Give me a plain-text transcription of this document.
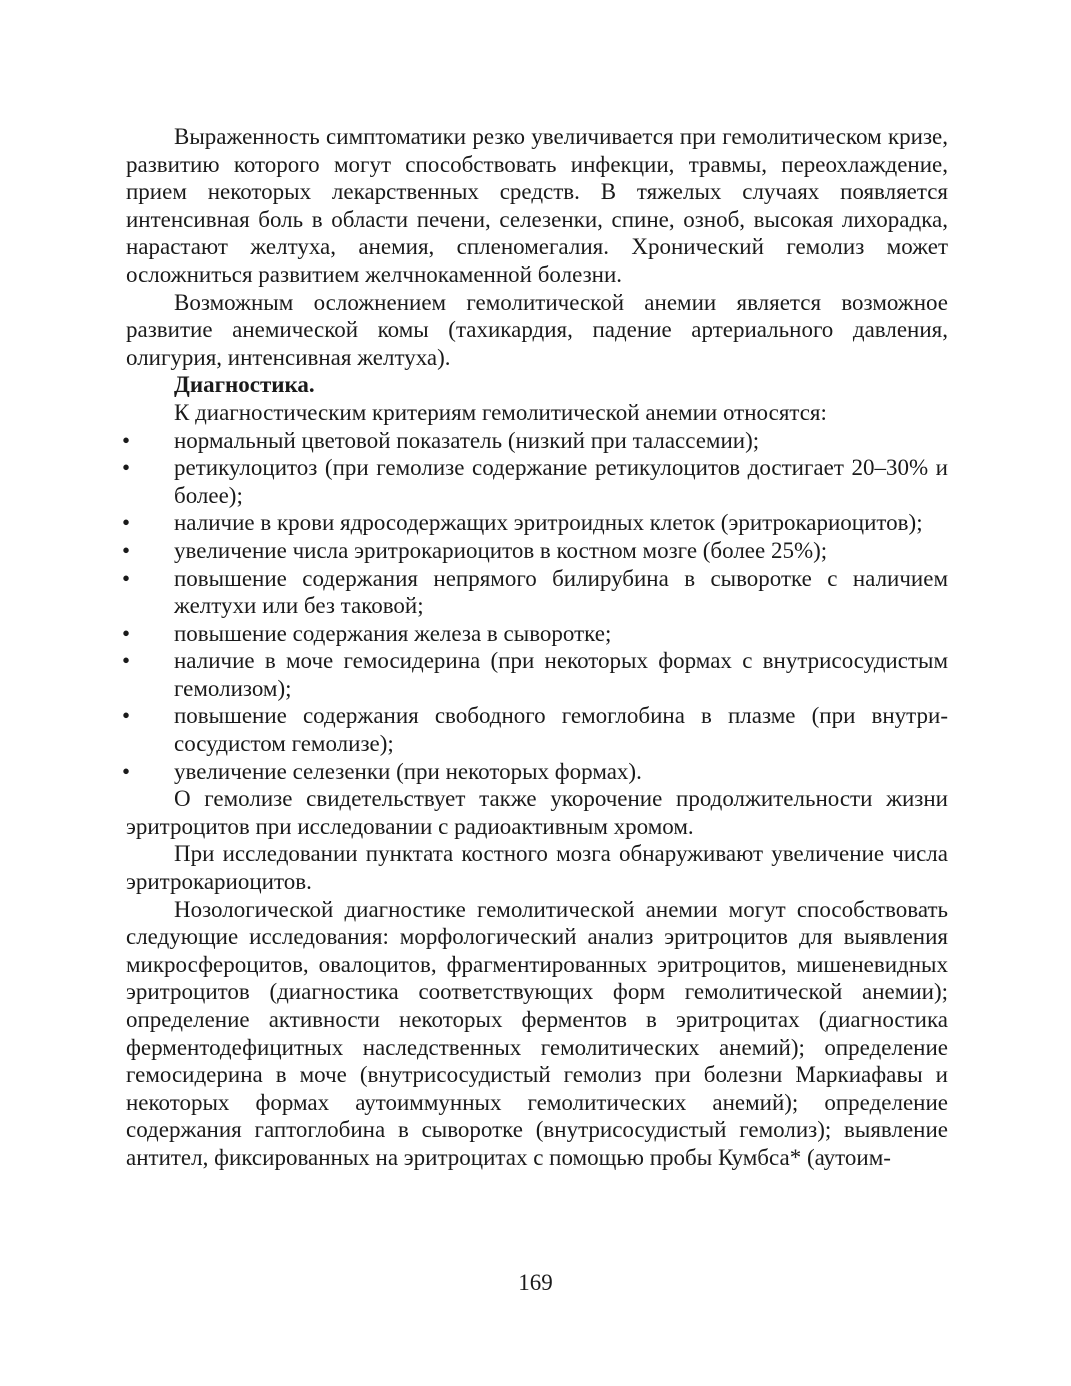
Выраженность симптоматики резко увеличивается при гемолитическом кризе, развитию которого могут способствовать инфекции, травмы, переохлаждение, прием некоторых лекарственных средств. В тяжелых случаях появляется интенсивная боль в области печени, селезенки, спине, озноб, высокая лихорадка, нарастают желтуха, анемия, спленомегалия. Хронический гемолиз может осложниться развитием желчнокаменной болезни.

Возможным осложнением гемолитической анемии является возможное развитие анемической комы (тахикардия, падение артериального давления, олигурия, интенсивная желтуха).

Диагностика.

К диагностическим критериям гемолитической анемии относятся:

•	нормальный цветовой показатель (низкий при талассемии);
•	ретикулоцитоз (при гемолизе содержание ретикулоцитов достигает 20–30% и более);
•	наличие в крови ядросодержащих эритроидных клеток (эритрокариоцитов);
•	увеличение числа эритрокариоцитов в костном мозге (более 25%);
•	повышение содержания непрямого билирубина в сыворотке с наличием желтухи или без таковой;
•	повышение содержания железа в сыворотке;
•	наличие в моче гемосидерина (при некоторых формах с внутрисосудистым гемолизом);
•	повышение содержания свободного гемоглобина в плазме (при внутрисосудистом гемолизе);
•	увеличение селезенки (при некоторых формах).

О гемолизе свидетельствует также укорочение продолжительности жизни эритроцитов при исследовании с радиоактивным хромом.

При исследовании пунктата костного мозга обнаруживают увеличение числа эритрокариоцитов.

Нозологической диагностике гемолитической анемии могут способствовать следующие исследования: морфологический анализ эритроцитов для выявления микросфероцитов, овалоцитов, фрагментированных эритроцитов, мишеневидных эритроцитов (диагностика соответствующих форм гемолитической анемии); определение активности некоторых ферментов в эритроцитах (диагностика ферментодефицитных наследственных гемолитических анемий); определение гемосидерина в моче (внутрисосудистый гемолиз при болезни Маркиафавы и некоторых формах аутоиммунных гемолитических анемий); определение содержания гаптоглобина в сыворотке (внутрисосудистый гемолиз); выявление антител, фиксированных на эритроцитах с помощью пробы Кумбса* (аутоим-

169
